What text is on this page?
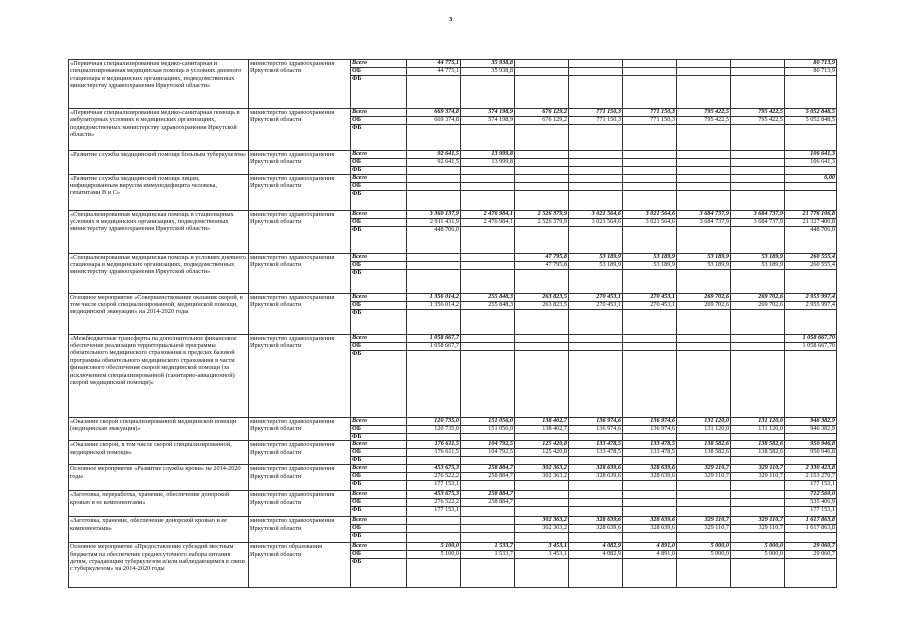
3
«Первичная специализированная медико-санитарная и специализированная медицинская помощь в условиях дневного стационара в медицинских организациях, подведомственных министерству здравоохранения Иркутской области»	министерство здравоохранения Иркутской области	Всего	44 775,1	35 938,8						80 713,9
		ОБ	44 775,1	35 938,8						80 713,9
		ФБ								
«Первичная специализированная медико-санитарная помощь в амбулаторных условиях в медицинских организациях, подведомственных министерству здравоохранения Иркутской области»	министерство здравоохранения Иркутской области	Всего	669 374,8	574 198,9	676 129,2	771 150,3	771 150,3	795 422,5	795 422,5	5 052 848,5
		ОБ	669 374,8	574 198,9	676 129,2	771 150,3	771 150,3	795 422,5	795 422,5	5 052 848,5
		ФБ								
«Развитие службы медицинской помощи больным туберкулезом»	министерство здравоохранения Иркутской области	Всего	92 641,5	13 999,8						106 641,3
		ОБ	92 641,5	13 999,8						106 641,3
		ФБ								
«Развитие службы медицинской помощи лицам, инфицированным вирусом иммунодефицита человека, гепатитами В и С»	министерство здравоохранения Иркутской области	Всего								0,00
		ОБ								
		ФБ								
«Специализированная медицинская помощь в стационарных условиях в медицинских организациях, подведомственных министерству здравоохранения Иркутской области»	министерство здравоохранения Иркутской области	Всего	3 360 137,9	2 476 984,1	2 526 379,9	3 021 564,6	3 021 564,6	3 684 737,9	3 684 737,9	21 776 106,8
		ОБ	2 911 431,9	2 476 984,1	2 526 379,9	3 021 564,6	3 021 564,6	3 684 737,9	3 684 737,9	21 327 400,8
		ФБ	448 706,0							448 706,0
«Специализированная медицинская помощь в условиях дневного стационара в медицинских организациях, подведомственных министерству здравоохранения Иркутской области»	министерство здравоохранения Иркутской области	Всего			47 795,8	53 189,9	53 189,9	53 189,9	53 189,9	260 555,4
		ОБ			47 795,8	53 189,9	53 189,9	53 189,9	53 189,9	260 555,4
		ФБ								
Основное мероприятие «Совершенствование оказания скорой, в том числе скорой специализированной, медицинской помощи, медицинской эвакуации» на 2014-2020 годы	министерство здравоохранения Иркутской области	Всего	1 356 014,2	255 848,3	263 823,5	270 453,1	270 453,1	269 702,6	269 702,6	2 955 997,4
		ОБ	1 356 014,2	255 848,3	263 823,5	270 453,1	270 453,1	269 702,6	269 702,6	2 955 997,4
		ФБ								
«Межбюджетные трансферты на дополнительное финансовое обеспечение реализации территориальной программы обязательного медицинского страхования в пределах базовой программы обязательного медицинского страхования в части финансового обеспечения скорой медицинской помощи (за исключением специализированной (санитарно-авиационной) скорой медицинской помощи)»	министерство здравоохранения Иркутской области	Всего	1 058 667,7							1 058 667,70
		ОБ	1 058 667,7							1 058 667,70
		ФБ								
«Оказание скорой специализированной медицинской помощи (медицинская эвакуация)»	министерство здравоохранения Иркутской области	Всего	120 735,0	151 056,0	138 402,7	136 974,6	136 974,6	131 120,0	131 120,0	946 382,9
		ОБ	120 735,0	151 056,0	138 402,7	136 974,6	136 974,6	131 120,0	131 120,0	946 382,9
		ФБ								
«Оказание скорой, в том числе скорой специализированной, медицинской помощи»	министерство здравоохранения Иркутской области	Всего	176 611,5	104 792,5	125 420,8	133 478,5	133 478,5	138 582,6	138 582,6	950 946,8
		ОБ	176 611,5	104 792,5	125 420,8	133 478,5	133 478,5	138 582,6	138 582,6	950 946,8
		ФБ								
Основное мероприятие «Развитие службы крови» на 2014-2020 годы	министерство здравоохранения Иркутской области	Всего	453 675,3	258 884,7	302 363,2	328 639,6	328 639,6	329 110,7	329 110,7	2 330 423,8
		ОБ	276 522,2	258 884,7	302 363,2	328 639,6	328 639,6	329 110,7	329 110,7	2 153 270,7
		ФБ	177 153,1							177 153,1
«Заготовка, переработка, хранение, обеспечение донорской кровью и ее компонентами»	министерство здравоохранения Иркутской области	Всего	453 675,3	258 884,7						712 560,0
		ОБ	276 522,2	258 884,7						535 406,9
		ФБ	177 153,1							177 153,1
«Заготовка, хранение, обеспечение донорской кровью и ее компонентами»	министерство здравоохранения Иркутской области	Всего			302 363,2	328 639,6	328 639,6	329 110,7	329 110,7	1 617 863,8
		ОБ			302 363,2	328 639,6	328 639,6	329 110,7	329 110,7	1 617 863,8
		ФБ								
Основное мероприятие «Предоставление субсидий местным бюджетам на обеспечение среднесуточного набора питания детям, страдающим туберкулезом и/или наблюдающимся в связи с туберкулезом» на 2014-2020 годы	министерство образования Иркутской области	Всего	5 100,0	1 533,7	3 453,1	4 082,9	4 891,0	5 000,0	5 000,0	29 060,7
		ОБ	5 100,0	1 533,7	3 453,1	4 082,9	4 891,0	5 000,0	5 000,0	29 060,7
		ФБ								
